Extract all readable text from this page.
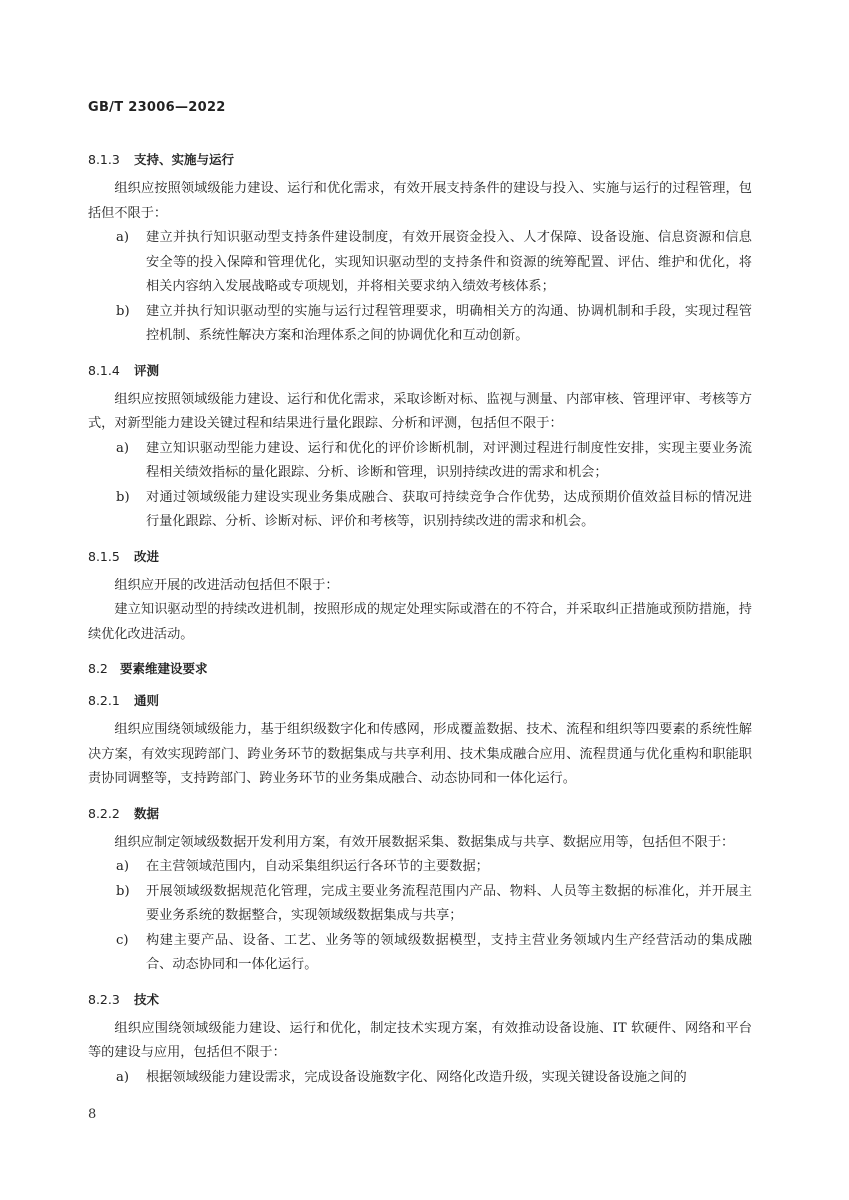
GB/T 23006—2022
8.1.3 支持、实施与运行

组织应按照领域级能力建设、运行和优化需求，有效开展支持条件的建设与投入、实施与运行的过程管理，包括但不限于：

a)	建立并执行知识驱动型支持条件建设制度，有效开展资金投入、人才保障、设备设施、信息资源和信息安全等的投入保障和管理优化，实现知识驱动型的支持条件和资源的统筹配置、评估、维护和优化，将相关内容纳入发展战略或专项规划，并将相关要求纳入绩效考核体系；
b)	建立并执行知识驱动型的实施与运行过程管理要求，明确相关方的沟通、协调机制和手段，实现过程管控机制、系统性解决方案和治理体系之间的协调优化和互动创新。
8.1.4 评测

组织应按照领域级能力建设、运行和优化需求，采取诊断对标、监视与测量、内部审核、管理评审、考核等方式，对新型能力建设关键过程和结果进行量化跟踪、分析和评测，包括但不限于：

a)	建立知识驱动型能力建设、运行和优化的评价诊断机制，对评测过程进行制度性安排，实现主要业务流程相关绩效指标的量化跟踪、分析、诊断和管理，识别持续改进的需求和机会；
b)	对通过领域级能力建设实现业务集成融合、获取可持续竞争合作优势，达成预期价值效益目标的情况进行量化跟踪、分析、诊断对标、评价和考核等，识别持续改进的需求和机会。
8.1.5 改进

组织应开展的改进活动包括但不限于：

建立知识驱动型的持续改进机制，按照形成的规定处理实际或潜在的不符合，并采取纠正措施或预防措施，持续优化改进活动。

8.2 要素维建设要求
8.2.1 通则

组织应围绕领域级能力，基于组织级数字化和传感网，形成覆盖数据、技术、流程和组织等四要素的系统性解决方案，有效实现跨部门、跨业务环节的数据集成与共享利用、技术集成融合应用、流程贯通与优化重构和职能职责协同调整等，支持跨部门、跨业务环节的业务集成融合、动态协同和一体化运行。

8.2.2 数据

组织应制定领域级数据开发利用方案，有效开展数据采集、数据集成与共享、数据应用等，包括但不限于：

a)	在主营领域范围内，自动采集组织运行各环节的主要数据；
b)	开展领域级数据规范化管理，完成主要业务流程范围内产品、物料、人员等主数据的标准化，并开展主要业务系统的数据整合，实现领域级数据集成与共享；
c)	构建主要产品、设备、工艺、业务等的领域级数据模型，支持主营业务领域内生产经营活动的集成融合、动态协同和一体化运行。
8.2.3 技术

组织应围绕领域级能力建设、运行和优化，制定技术实现方案，有效推动设备设施、IT 软硬件、网络和平台等的建设与应用，包括但不限于：

a)	根据领域级能力建设需求，完成设备设施数字化、网络化改造升级，实现关键设备设施之间的
8
